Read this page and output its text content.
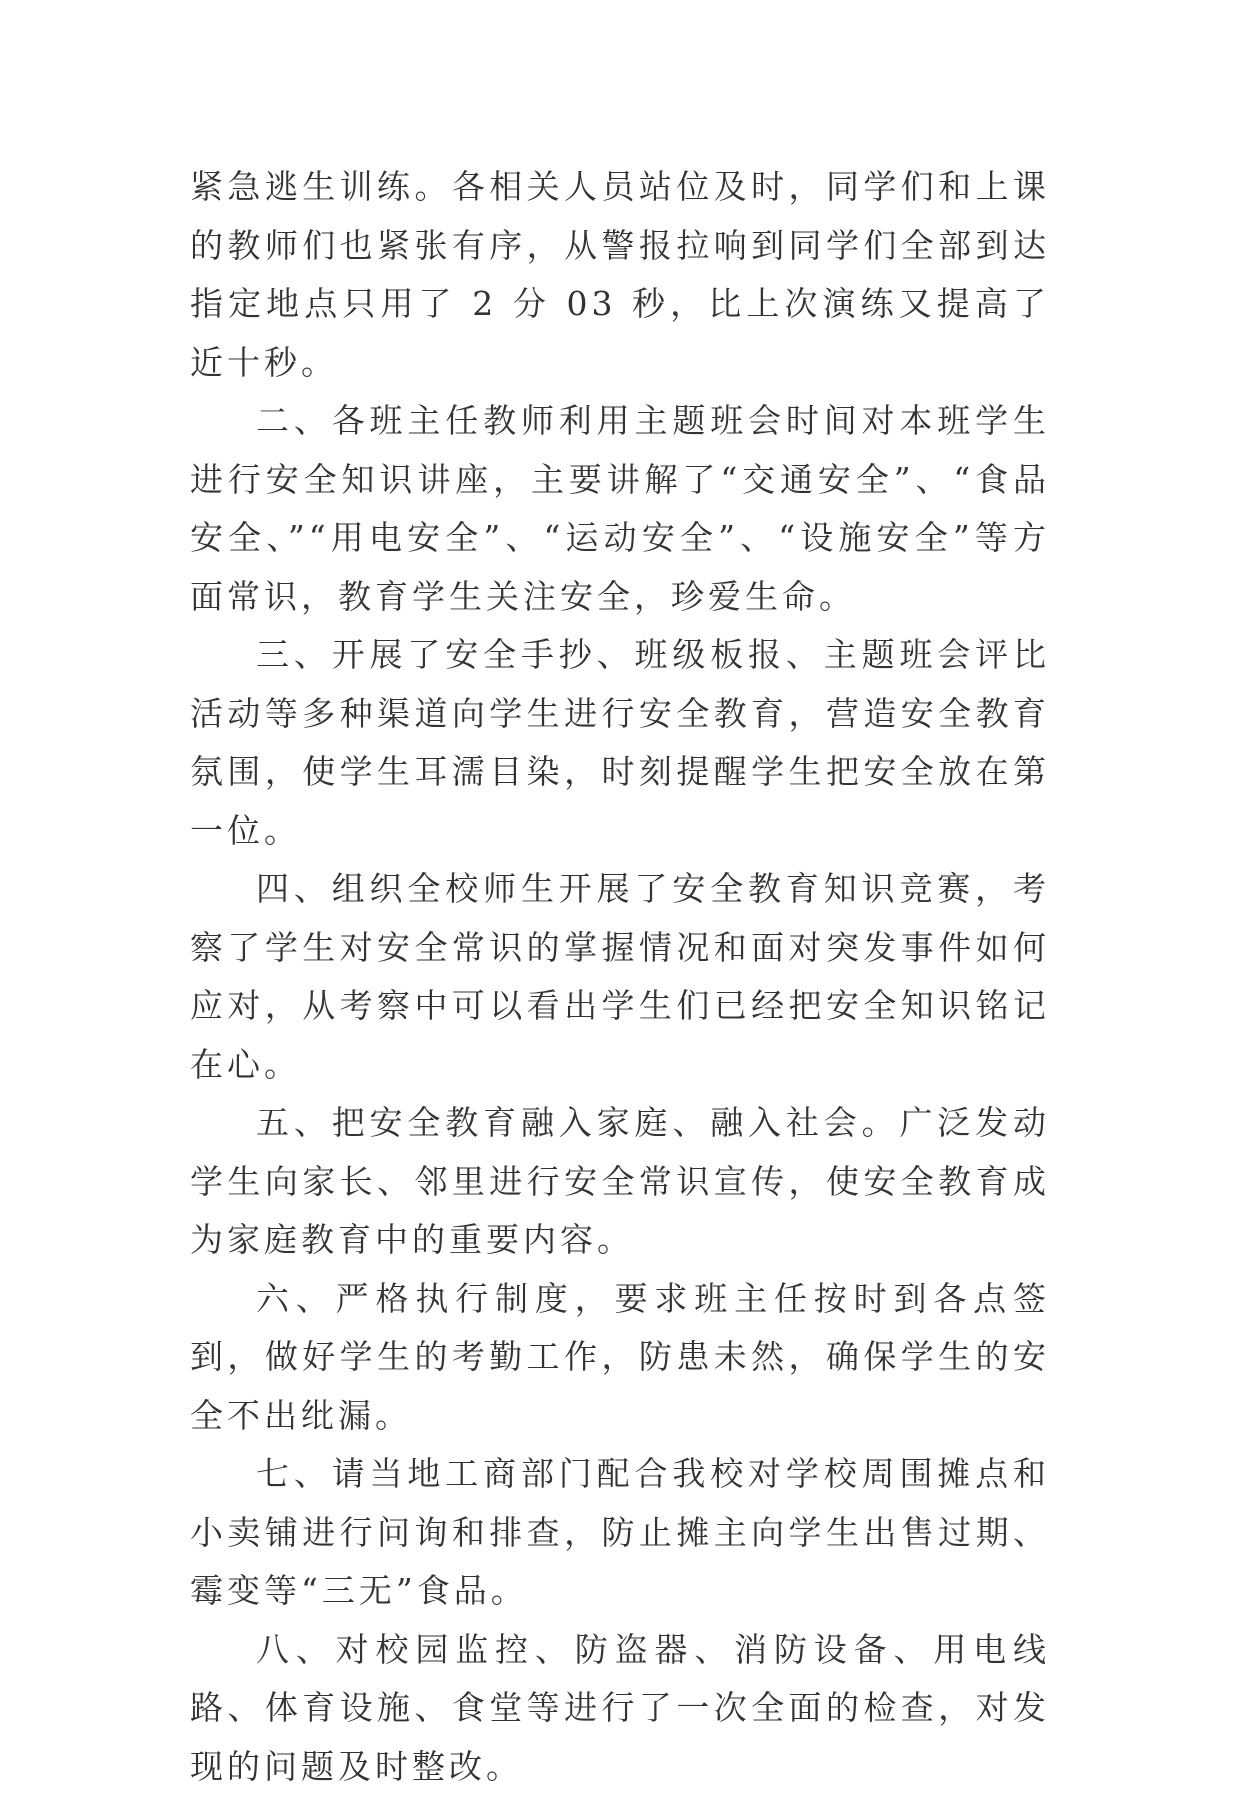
紧急逃生训练。各相关人员站位及时，同学们和上课的教师们也紧张有序，从警报拉响到同学们全部到达指定地点只用了 2 分 03 秒，比上次演练又提高了近十秒。

二、各班主任教师利用主题班会时间对本班学生进行安全知识讲座，主要讲解了“交通安全”、“食品安全、”“用电安全”、“运动安全”、“设施安全”等方面常识，教育学生关注安全，珍爱生命。

三、开展了安全手抄、班级板报、主题班会评比活动等多种渠道向学生进行安全教育，营造安全教育氛围，使学生耳濡目染，时刻提醒学生把安全放在第一位。

四、组织全校师生开展了安全教育知识竞赛，考察了学生对安全常识的掌握情况和面对突发事件如何应对，从考察中可以看出学生们已经把安全知识铭记在心。

五、把安全教育融入家庭、融入社会。广泛发动学生向家长、邻里进行安全常识宣传，使安全教育成为家庭教育中的重要内容。

六、严格执行制度，要求班主任按时到各点签到，做好学生的考勤工作，防患未然，确保学生的安全不出纰漏。

七、请当地工商部门配合我校对学校周围摊点和小卖铺进行问询和排查，防止摊主向学生出售过期、霉变等“三无”食品。

八、对校园监控、防盗器、消防设备、用电线路、体育设施、食堂等进行了一次全面的检查，对发现的问题及时整改。
